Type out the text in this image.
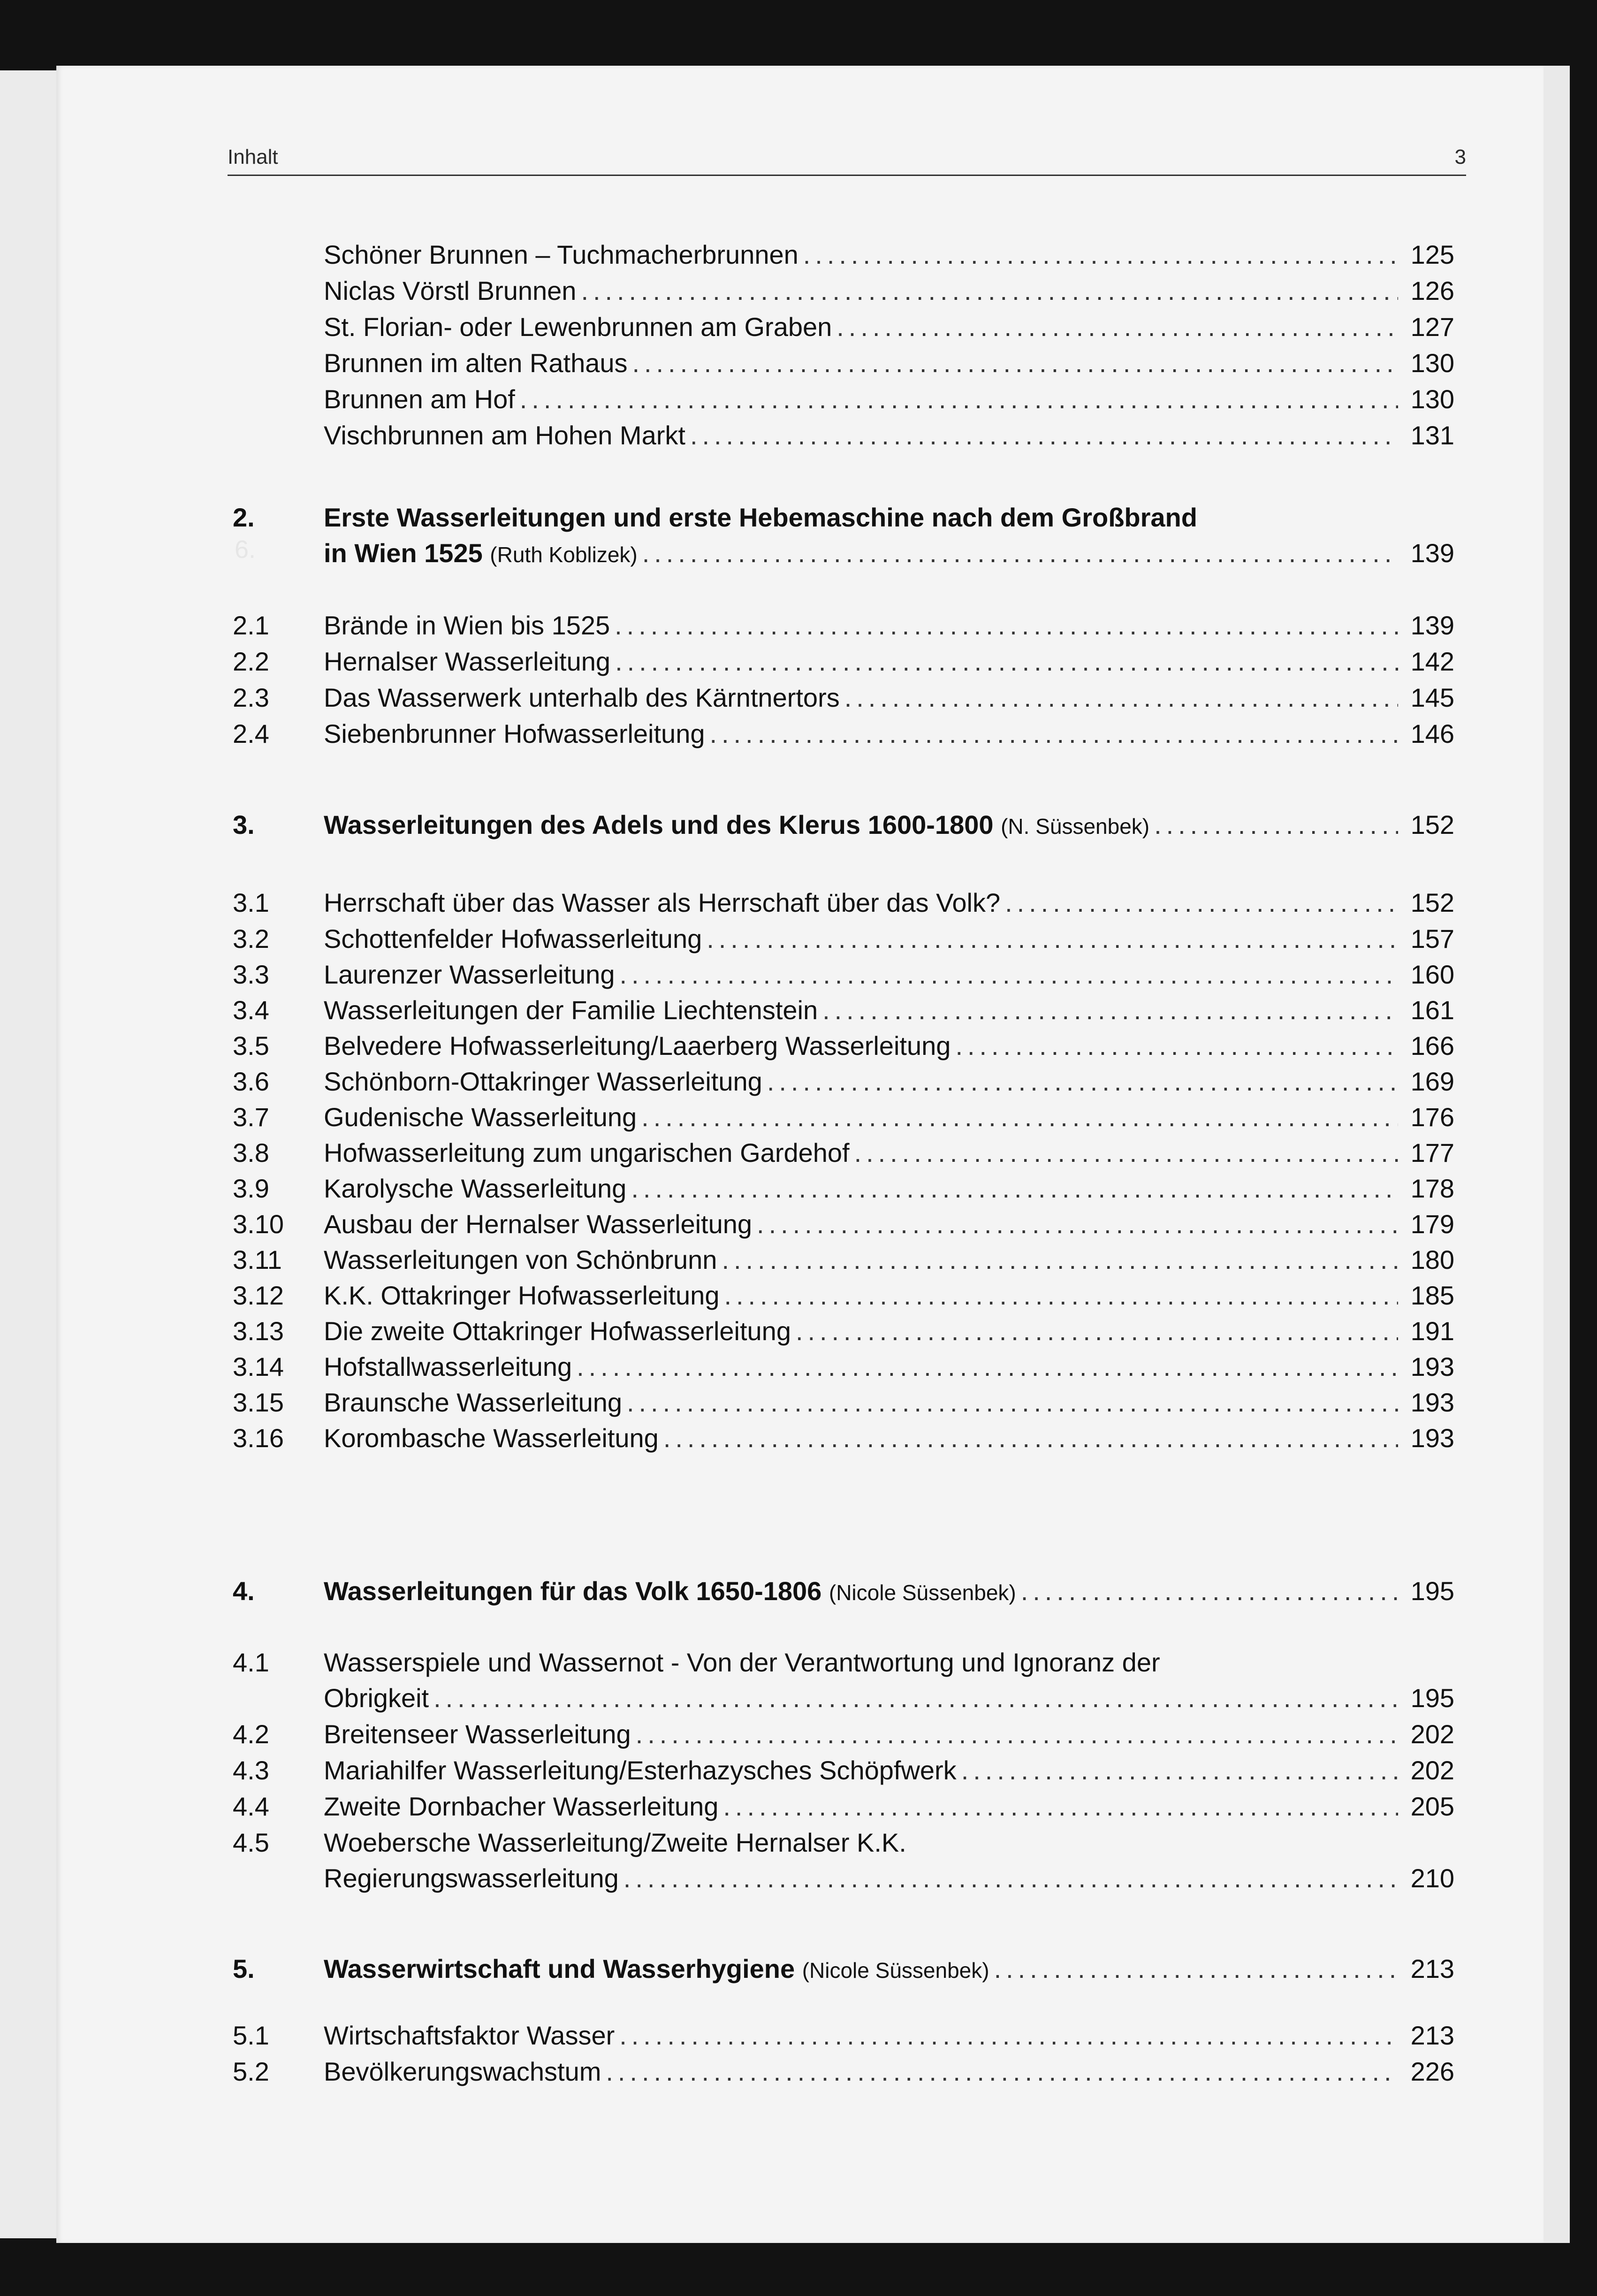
Inhalt	3
6.
Schöner Brunnen – Tuchmacherbrunnen . . .	125
Niclas Vörstl Brunnen . . .	126
St. Florian- oder Lewenbrunnen am Graben . . .	127
Brunnen im alten Rathaus . . .	130
Brunnen am Hof . . .	130
Vischbrunnen am Hohen Markt . . .	131
2.	Erste Wasserleitungen und erste Hebemaschine nach dem Großbrand
in Wien 1525
(Ruth Koblizek) . . .	139
2.1 Brände in Wien bis 1525 . . .	139
2.2 Hernalser Wasserleitung . . .	142
2.3 Das Wasserwerk unterhalb des Kärntnertors . . .	145
2.4 Siebenbrunner Hofwasserleitung . . .	146
3.	Wasserleitungen des Adels und des Klerus 1600-1800
(N. Süssenbek) . . .	152
3.1 Herrschaft über das Wasser als Herrschaft über das Volk? . . .	152
3.2 Schottenfelder Hofwasserleitung . . .	157
3.3 Laurenzer Wasserleitung . . .	160
3.4 Wasserleitungen der Familie Liechtenstein . . .	161
3.5 Belvedere Hofwasserleitung/Laaerberg Wasserleitung . . .	166
3.6 Schönborn-Ottakringer Wasserleitung . . .	169
3.7 Gudenische Wasserleitung . . .	176
3.8 Hofwasserleitung zum ungarischen Gardehof . . .	177
3.9 Karolysche Wasserleitung . . .	178
3.10 Ausbau der Hernalser Wasserleitung . . .	179
3.11 Wasserleitungen von Schönbrunn . . .	180
3.12 K.K. Ottakringer Hofwasserleitung . . .	185
3.13 Die zweite Ottakringer Hofwasserleitung . . .	191
3.14 Hofstallwasserleitung . . .	193
3.15 Braunsche Wasserleitung . . .	193
3.16 Korombasche Wasserleitung . . .	193
4.	Wasserleitungen für das Volk 1650-1806
(Nicole Süssenbek) . . .	195
4.1 Wasserspiele und Wassernot - Von der Verantwortung und Ignoranz der
Obrigkeit . . .	195
4.2 Breitenseer Wasserleitung . . .	202
4.3 Mariahilfer Wasserleitung/Esterhazysches Schöpfwerk . . .	202
4.4 Zweite Dornbacher Wasserleitung . . .	205
4.5 Woebersche Wasserleitung/Zweite Hernalser K.K.
Regierungswasserleitung . . .	210
5.	Wasserwirtschaft und Wasserhygiene
(Nicole Süssenbek) . . .	213
5.1 Wirtschaftsfaktor Wasser . . .	213
5.2 Bevölkerungswachstum . . .	226
